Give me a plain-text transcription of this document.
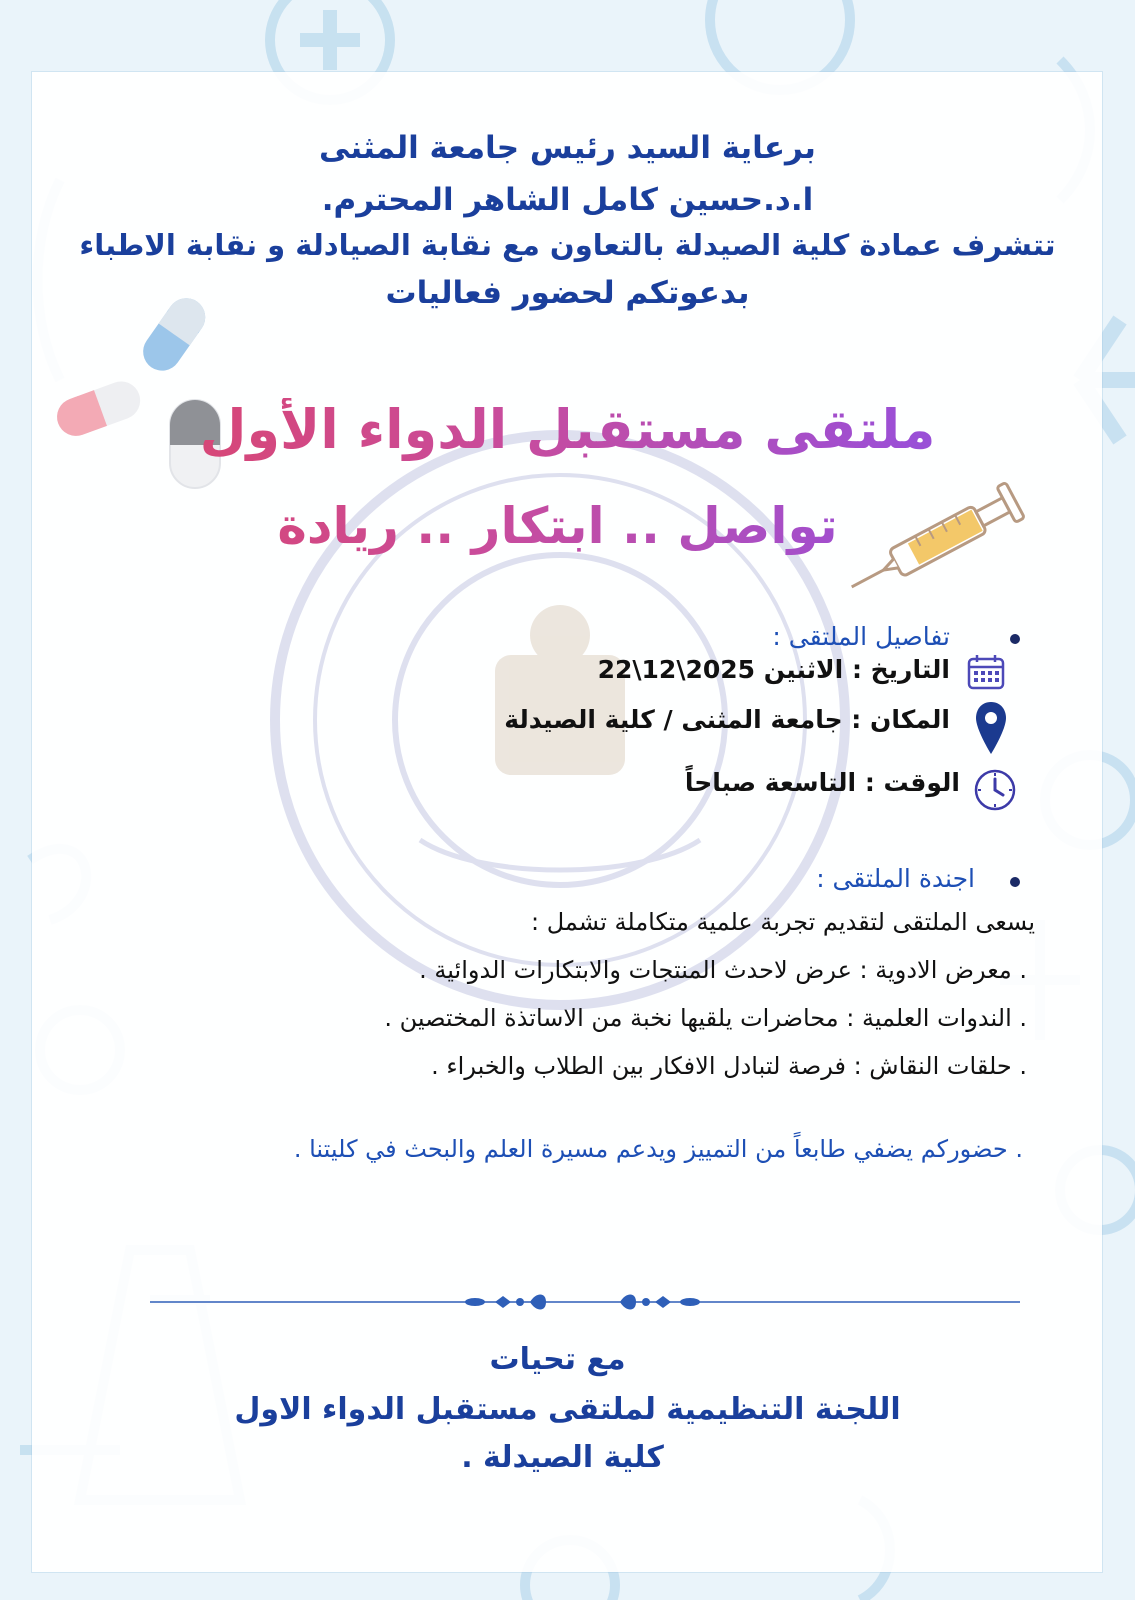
برعاية السيد رئيس جامعة المثنى
ا.د.حسين كامل الشاهر المحترم.
تتشرف عمادة كلية الصيدلة بالتعاون مع نقابة الصيادلة و نقابة الاطباء
بدعوتكم لحضور فعاليات
ملتقى مستقبل الدواء الأول
تواصل .. ابتكار .. ريادة
تفاصيل الملتقى :
التاريخ : الاثنين 2025\12\22
المكان : جامعة المثنى / كلية الصيدلة
الوقت : التاسعة صباحاً
اجندة الملتقى :
يسعى الملتقى لتقديم تجربة علمية متكاملة تشمل :
. معرض الادوية : عرض لاحدث المنتجات والابتكارات الدوائية .
. الندوات العلمية : محاضرات يلقيها نخبة من الاساتذة المختصين .
. حلقات النقاش : فرصة لتبادل الافكار بين الطلاب والخبراء .
. حضوركم يضفي طابعاً من التمييز ويدعم مسيرة العلم والبحث في كليتنا .
مع تحيات
اللجنة التنظيمية لملتقى مستقبل الدواء الاول
كلية الصيدلة .
